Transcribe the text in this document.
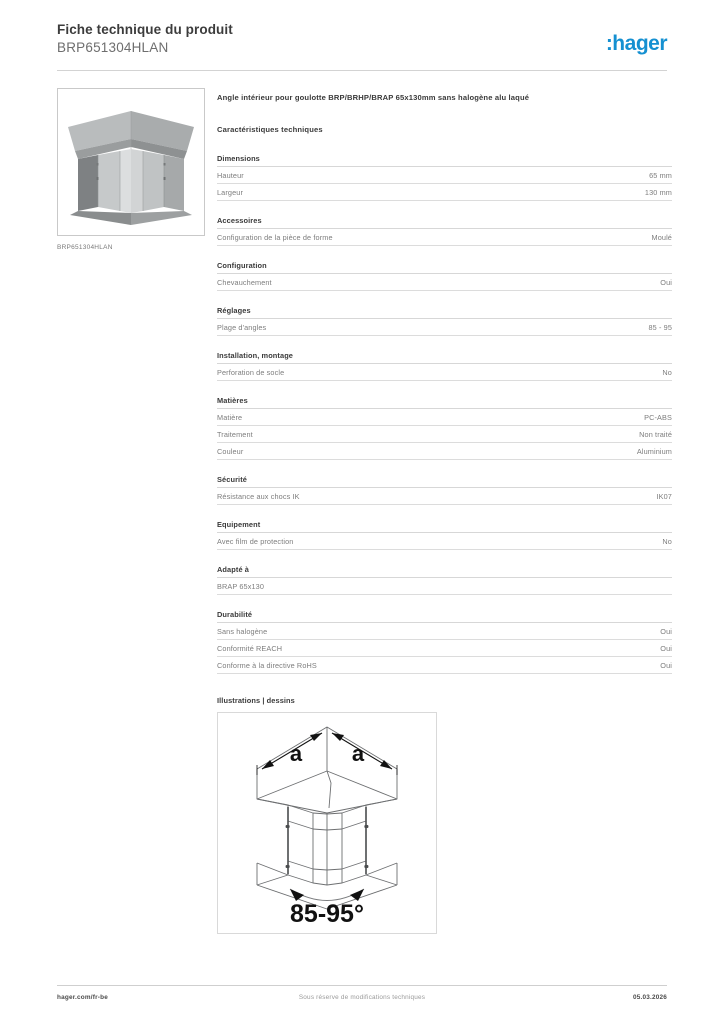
Fiche technique du produit
BRP651304HLAN	:hager
BRP651304HLAN
Angle intérieur pour goulotte BRP/BRHP/BRAP 65x130mm sans halogène alu laqué
Caractéristiques techniques
Dimensions
Hauteur	65 mm
Largeur	130 mm
Accessoires
Configuration de la pièce de forme	Moulé
Configuration
Chevauchement	Oui
Réglages
Plage d'angles	85 - 95
Installation, montage
Perforation de socle	No
Matières
Matière	PC-ABS
Traitement	Non traité
Couleur	Aluminium
Sécurité
Résistance aux chocs IK	IK07
Equipement
Avec film de protection	No
Adapté à
BRAP 65x130
Durabilité
Sans halogène	Oui
Conformité REACH	Oui
Conforme à la directive RoHS	Oui
Illustrations | dessins
a a
85-95°
hager.com/fr-be	Sous réserve de modifications techniques	05.03.2026
